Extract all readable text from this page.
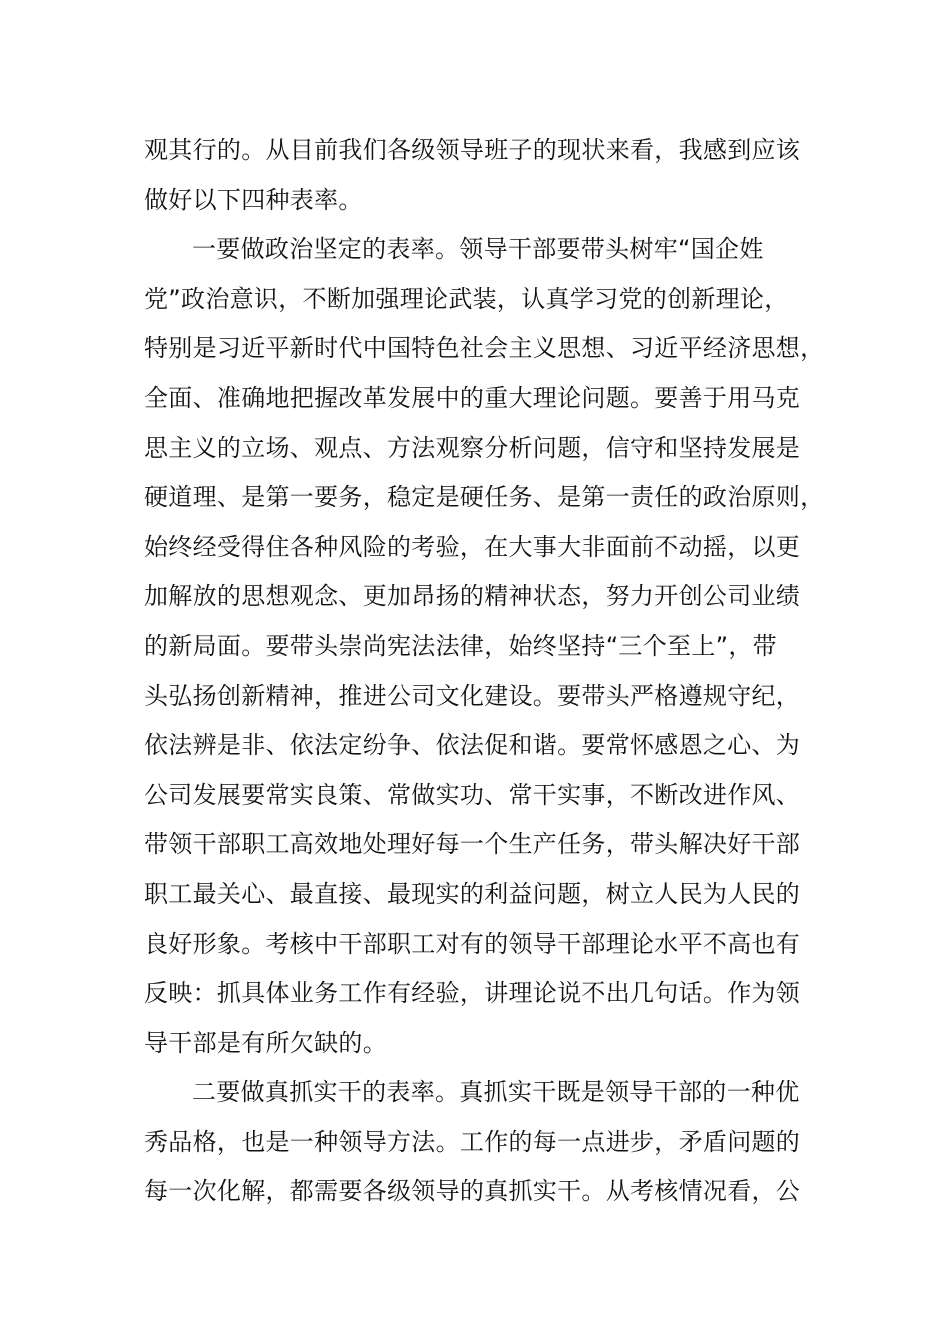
观其行的。从目前我们各级领导班子的现状来看，我感到应该
做好以下四种表率。
一要做政治坚定的表率。领导干部要带头树牢“国企姓
党”政治意识，不断加强理论武装，认真学习党的创新理论，
特别是习近平新时代中国特色社会主义思想、习近平经济思想，
全面、准确地把握改革发展中的重大理论问题。要善于用马克
思主义的立场、观点、方法观察分析问题，信守和坚持发展是
硬道理、是第一要务，稳定是硬任务、是第一责任的政治原则，
始终经受得住各种风险的考验，在大事大非面前不动摇，以更
加解放的思想观念、更加昂扬的精神状态，努力开创公司业绩
的新局面。要带头崇尚宪法法律，始终坚持“三个至上”，带
头弘扬创新精神，推进公司文化建设。要带头严格遵规守纪，
依法辨是非、依法定纷争、依法促和谐。要常怀感恩之心、为
公司发展要常实良策、常做实功、常干实事，不断改进作风、
带领干部职工高效地处理好每一个生产任务，带头解决好干部
职工最关心、最直接、最现实的利益问题，树立人民为人民的
良好形象。考核中干部职工对有的领导干部理论水平不高也有
反映：抓具体业务工作有经验，讲理论说不出几句话。作为领
导干部是有所欠缺的。
二要做真抓实干的表率。真抓实干既是领导干部的一种优
秀品格，也是一种领导方法。工作的每一点进步，矛盾问题的
每一次化解，都需要各级领导的真抓实干。从考核情况看，公
